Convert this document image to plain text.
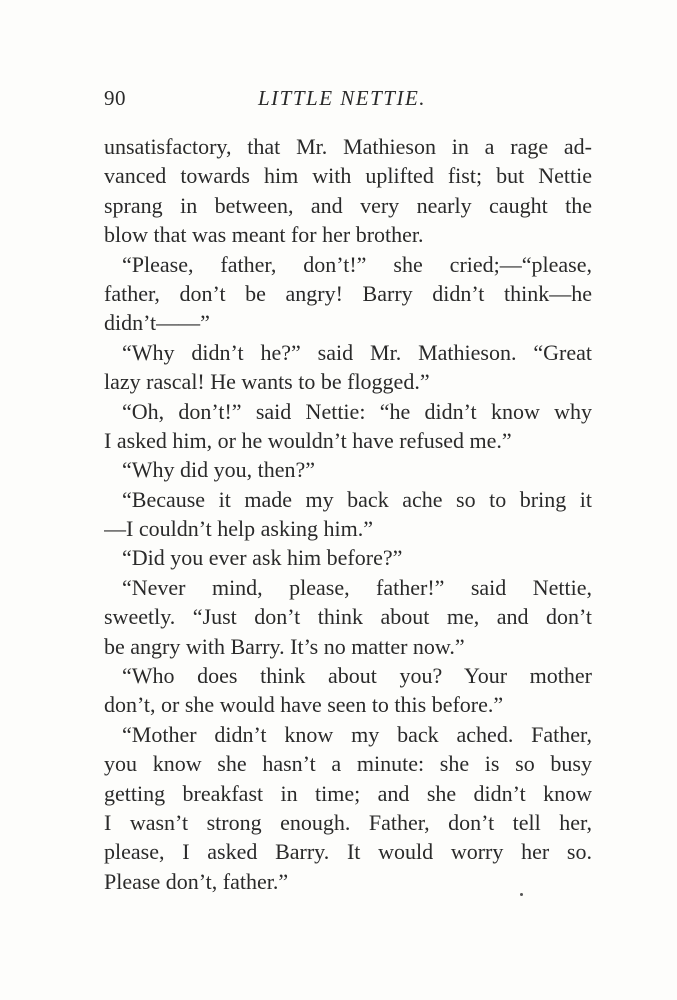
90	LITTLE NETTIE.
unsatisfactory, that Mr. Mathieson in a rage ad-
vanced towards him with uplifted fist; but Nettie
sprang in between, and very nearly caught the
blow that was meant for her brother.
“Please, father, don’t!” she cried;—“please,
father, don’t be angry! Barry didn’t think—he
didn’t——”
“Why didn’t he?” said Mr. Mathieson. “Great
lazy rascal! He wants to be flogged.”
“Oh, don’t!” said Nettie: “he didn’t know why
I asked him, or he wouldn’t have refused me.”
“Why did you, then?”
“Because it made my back ache so to bring it
—I couldn’t help asking him.”
“Did you ever ask him before?”
“Never mind, please, father!” said Nettie,
sweetly. “Just don’t think about me, and don’t
be angry with Barry. It’s no matter now.”
“Who does think about you? Your mother
don’t, or she would have seen to this before.”
“Mother didn’t know my back ached. Father,
you know she hasn’t a minute: she is so busy
getting breakfast in time; and she didn’t know
I wasn’t strong enough. Father, don’t tell her,
please, I asked Barry. It would worry her so.
Please don’t, father.”
